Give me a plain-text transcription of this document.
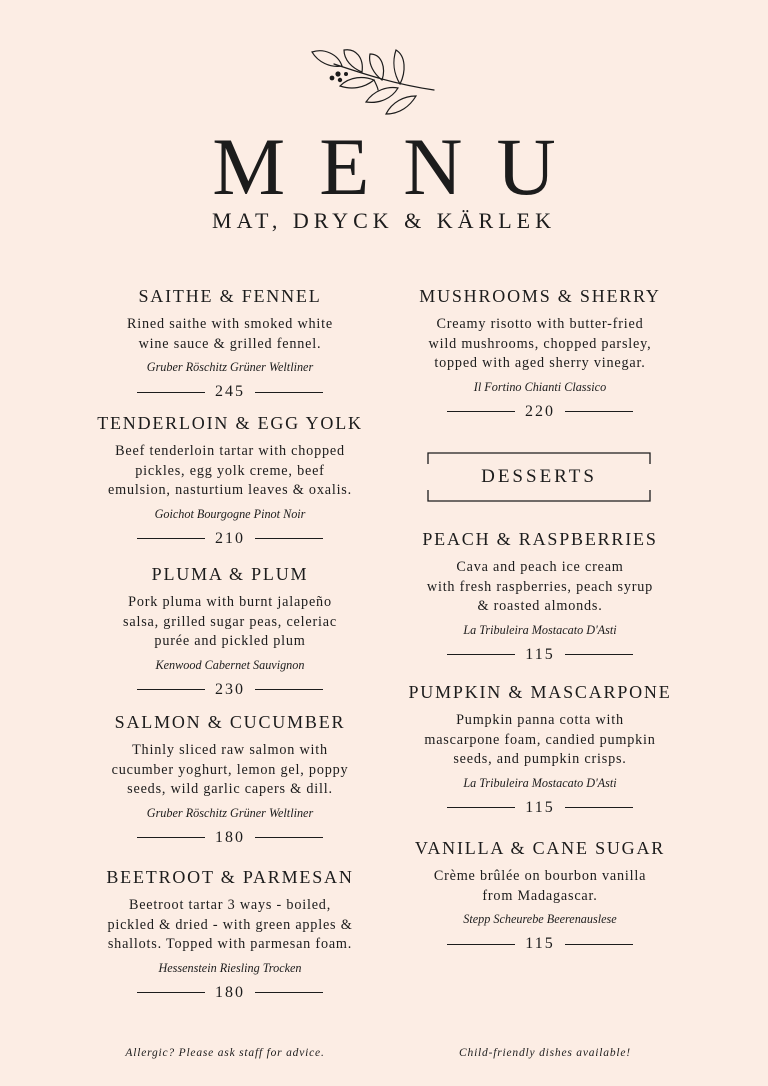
MENU
MAT, DRYCK & KÄRLEK
SAITHE & FENNEL
Rined saithe with smoked white
wine sauce & grilled fennel.
Gruber Röschitz Grüner Weltliner
245
TENDERLOIN & EGG YOLK
Beef tenderloin tartar with chopped
pickles, egg yolk creme, beef
emulsion, nasturtium leaves & oxalis.
Goichot Bourgogne Pinot Noir
210
PLUMA & PLUM
Pork pluma with burnt jalapeño
salsa, grilled sugar peas, celeriac
purée and pickled plum
Kenwood Cabernet Sauvignon
230
SALMON & CUCUMBER
Thinly sliced raw salmon with
cucumber yoghurt, lemon gel, poppy
seeds, wild garlic capers & dill.
Gruber Röschitz Grüner Weltliner
180
BEETROOT & PARMESAN
Beetroot tartar 3 ways - boiled,
pickled & dried - with green apples &
shallots. Topped with parmesan foam.
Hessenstein Riesling Trocken
180
MUSHROOMS & SHERRY
Creamy risotto with butter-fried
wild mushrooms, chopped parsley,
topped with aged sherry vinegar.
Il Fortino Chianti Classico
220
PEACH & RASPBERRIES
Cava and peach ice cream
with fresh raspberries, peach syrup
& roasted almonds.
La Tribuleira Mostacato D'Asti
115
PUMPKIN & MASCARPONE
Pumpkin panna cotta with
mascarpone foam, candied pumpkin
seeds, and pumpkin crisps.
La Tribuleira Mostacato D'Asti
115
VANILLA & CANE SUGAR
Crème brûlée on bourbon vanilla
from Madagascar.
Stepp Scheurebe Beerenauslese
115
DESSERTS
Allergic? Please ask staff for advice.	Child-friendly dishes available!
